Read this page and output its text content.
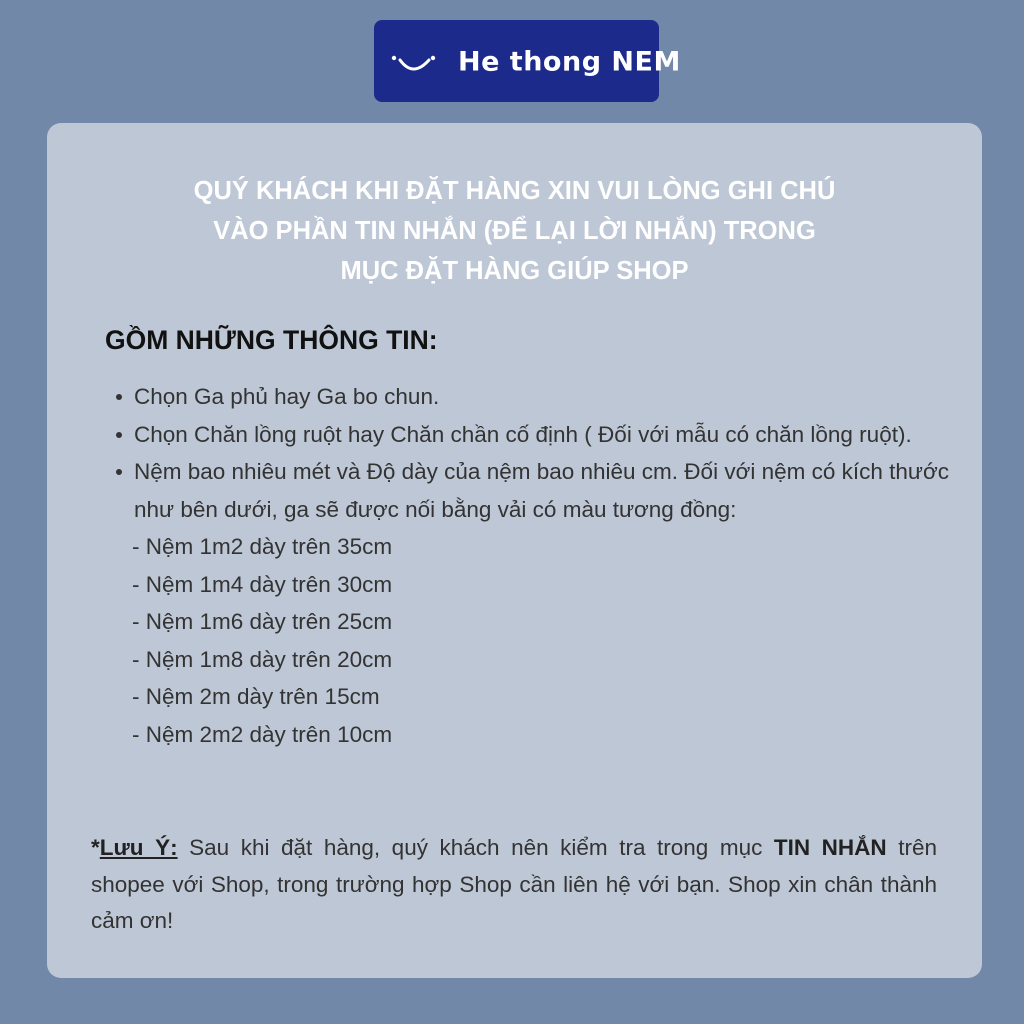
He thong NEM
QUÝ KHÁCH KHI ĐẶT HÀNG XIN VUI LÒNG GHI CHÚ
VÀO PHẦN TIN NHẮN (ĐỂ LẠI LỜI NHẮN) TRONG
MỤC ĐẶT HÀNG GIÚP SHOP
GỒM NHỮNG THÔNG TIN:
Chọn Ga phủ hay Ga bo chun.
Chọn Chăn lồng ruột hay Chăn chần cố định ( Đối với mẫu có chăn lồng ruột).
Nệm bao nhiêu mét và Độ dày của nệm bao nhiêu cm. Đối với nệm có kích thước như bên dưới, ga sẽ được nối bằng vải có màu tương đồng:
- Nệm 1m2 dày trên 35cm
- Nệm 1m4 dày trên 30cm
- Nệm 1m6 dày trên 25cm
- Nệm 1m8 dày trên 20cm
- Nệm 2m dày trên 15cm
- Nệm 2m2 dày trên 10cm
*Lưu Ý: Sau khi đặt hàng, quý khách nên kiểm tra trong mục TIN NHẮN trên shopee với Shop, trong trường hợp Shop cần liên hệ với bạn. Shop xin chân thành cảm ơn!
